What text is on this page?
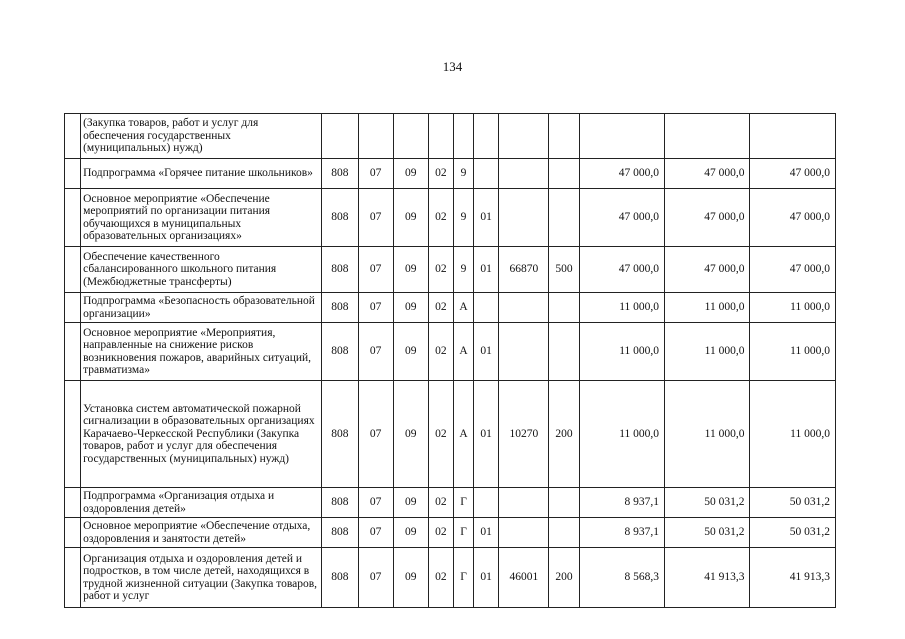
134
	(Закупка товаров, работ и услуг для обеспечения государственных (муниципальных) нужд)											
	Подпрограмма «Горячее питание школьников»	808	07	09	02	9				47 000,0	47 000,0	47 000,0
	Основное мероприятие «Обеспечение мероприятий по организации питания обучающихся в муниципальных образовательных организациях»	808	07	09	02	9	01			47 000,0	47 000,0	47 000,0
	Обеспечение качественного сбалансированного школьного питания (Межбюджетные трансферты)	808	07	09	02	9	01	66870	500	47 000,0	47 000,0	47 000,0
	Подпрограмма «Безопасность образовательной организации»	808	07	09	02	А				11 000,0	11 000,0	11 000,0
	Основное мероприятие «Мероприятия, направленные на снижение рисков возникновения пожаров, аварийных ситуаций, травматизма»	808	07	09	02	А	01			11 000,0	11 000,0	11 000,0
	Установка систем автоматической пожарной сигнализации в образовательных организациях Карачаево-Черкесской Республики (Закупка товаров, работ и услуг для обеспечения государственных (муниципальных) нужд)	808	07	09	02	А	01	10270	200	11 000,0	11 000,0	11 000,0
	Подпрограмма «Организация отдыха и оздоровления детей»	808	07	09	02	Г				8 937,1	50 031,2	50 031,2
	Основное мероприятие «Обеспечение отдыха, оздоровления и занятости детей»	808	07	09	02	Г	01			8 937,1	50 031,2	50 031,2
	Организация отдыха и оздоровления детей и подростков, в том числе детей, находящихся в трудной жизненной ситуации (Закупка товаров, работ и услуг	808	07	09	02	Г	01	46001	200	8 568,3	41 913,3	41 913,3
